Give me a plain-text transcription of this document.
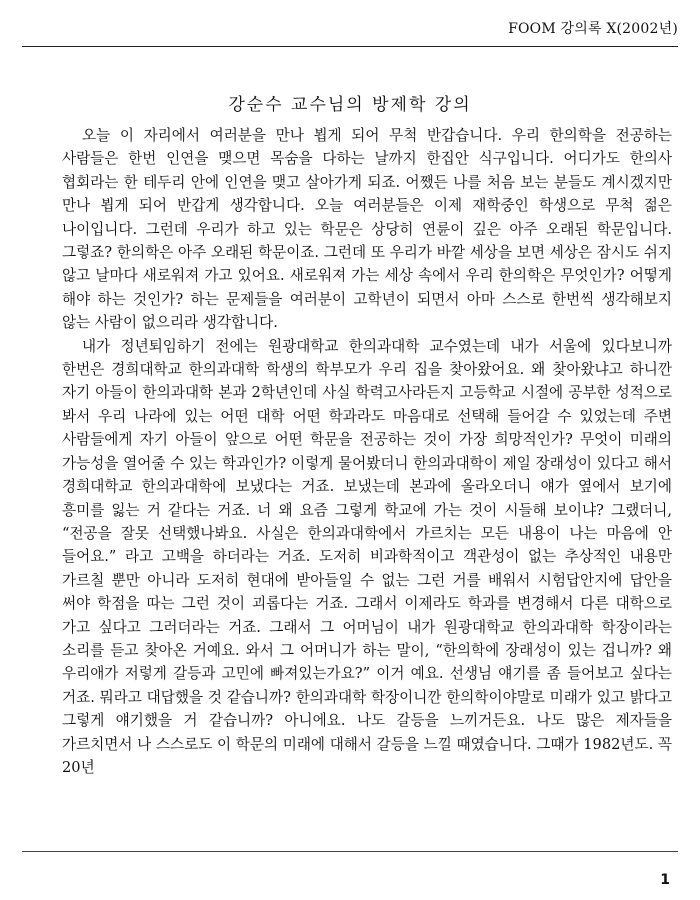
FOOM 강의록 X(2002년)
강순수 교수님의 방제학 강의

오늘 이 자리에서 여러분을 만나 뵙게 되어 무척 반갑습니다. 우리 한의학을 전공하는 사람들은 한번 인연을 맺으면 목숨을 다하는 날까지 한집안 식구입니다. 어디가도 한의사 협회라는 한 테두리 안에 인연을 맺고 살아가게 되죠. 어쨌든 나를 처음 보는 분들도 계시겠지만 만나 뵙게 되어 반갑게 생각합니다. 오늘 여러분들은 이제 재학중인 학생으로 무척 젊은 나이입니다. 그런데 우리가 하고 있는 학문은 상당히 연륜이 깊은 아주 오래된 학문입니다. 그렇죠? 한의학은 아주 오래된 학문이죠. 그런데 또 우리가 바깥 세상을 보면 세상은 잠시도 쉬지 않고 날마다 새로워져 가고 있어요. 새로워져 가는 세상 속에서 우리 한의학은 무엇인가? 어떻게 해야 하는 것인가? 하는 문제들을 여러분이 고학년이 되면서 아마 스스로 한번씩 생각해보지 않는 사람이 없으리라 생각합니다.

내가 정년퇴임하기 전에는 원광대학교 한의과대학 교수였는데 내가 서울에 있다보니까 한번은 경희대학교 한의과대학 학생의 학부모가 우리 집을 찾아왔어요. 왜 찾아왔냐고 하니깐 자기 아들이 한의과대학 본과 2학년인데 사실 학력고사라든지 고등학교 시절에 공부한 성적으로 봐서 우리 나라에 있는 어떤 대학 어떤 학과라도 마음대로 선택해 들어갈 수 있었는데 주변 사람들에게 자기 아들이 앞으로 어떤 학문을 전공하는 것이 가장 희망적인가? 무엇이 미래의 가능성을 열어줄 수 있는 학과인가? 이렇게 물어봤더니 한의과대학이 제일 장래성이 있다고 해서 경희대학교 한의과대학에 보냈다는 거죠. 보냈는데 본과에 올라오더니 얘가 옆에서 보기에 흥미를 잃는 거 같다는 거죠. 너 왜 요즘 그렇게 학교에 가는 것이 시들해 보이냐? 그랬더니, “전공을 잘못 선택했나봐요. 사실은 한의과대학에서 가르치는 모든 내용이 나는 마음에 안 들어요.” 라고 고백을 하더라는 거죠. 도저히 비과학적이고 객관성이 없는 추상적인 내용만 가르칠 뿐만 아니라 도저히 현대에 받아들일 수 없는 그런 거를 배워서 시험답안지에 답안을 써야 학점을 따는 그런 것이 괴롭다는 거죠. 그래서 이제라도 학과를 변경해서 다른 대학으로 가고 싶다고 그러더라는 거죠. 그래서 그 어머님이 내가 원광대학교 한의과대학 학장이라는 소리를 듣고 찾아온 거예요. 와서 그 어머니가 하는 말이, “한의학에 장래성이 있는 겁니까? 왜 우리애가 저렇게 갈등과 고민에 빠져있는가요?” 이거 예요. 선생님 얘기를 좀 들어보고 싶다는 거죠. 뭐라고 대답했을 것 같습니까? 한의과대학 학장이니깐 한의학이야말로 미래가 있고 밝다고 그렇게 얘기했을 거 같습니까? 아니에요. 나도 갈등을 느끼거든요. 나도 많은 제자들을 가르치면서 나 스스로도 이 학문의 미래에 대해서 갈등을 느낄 때였습니다. 그때가 1982년도. 꼭 20년

1
